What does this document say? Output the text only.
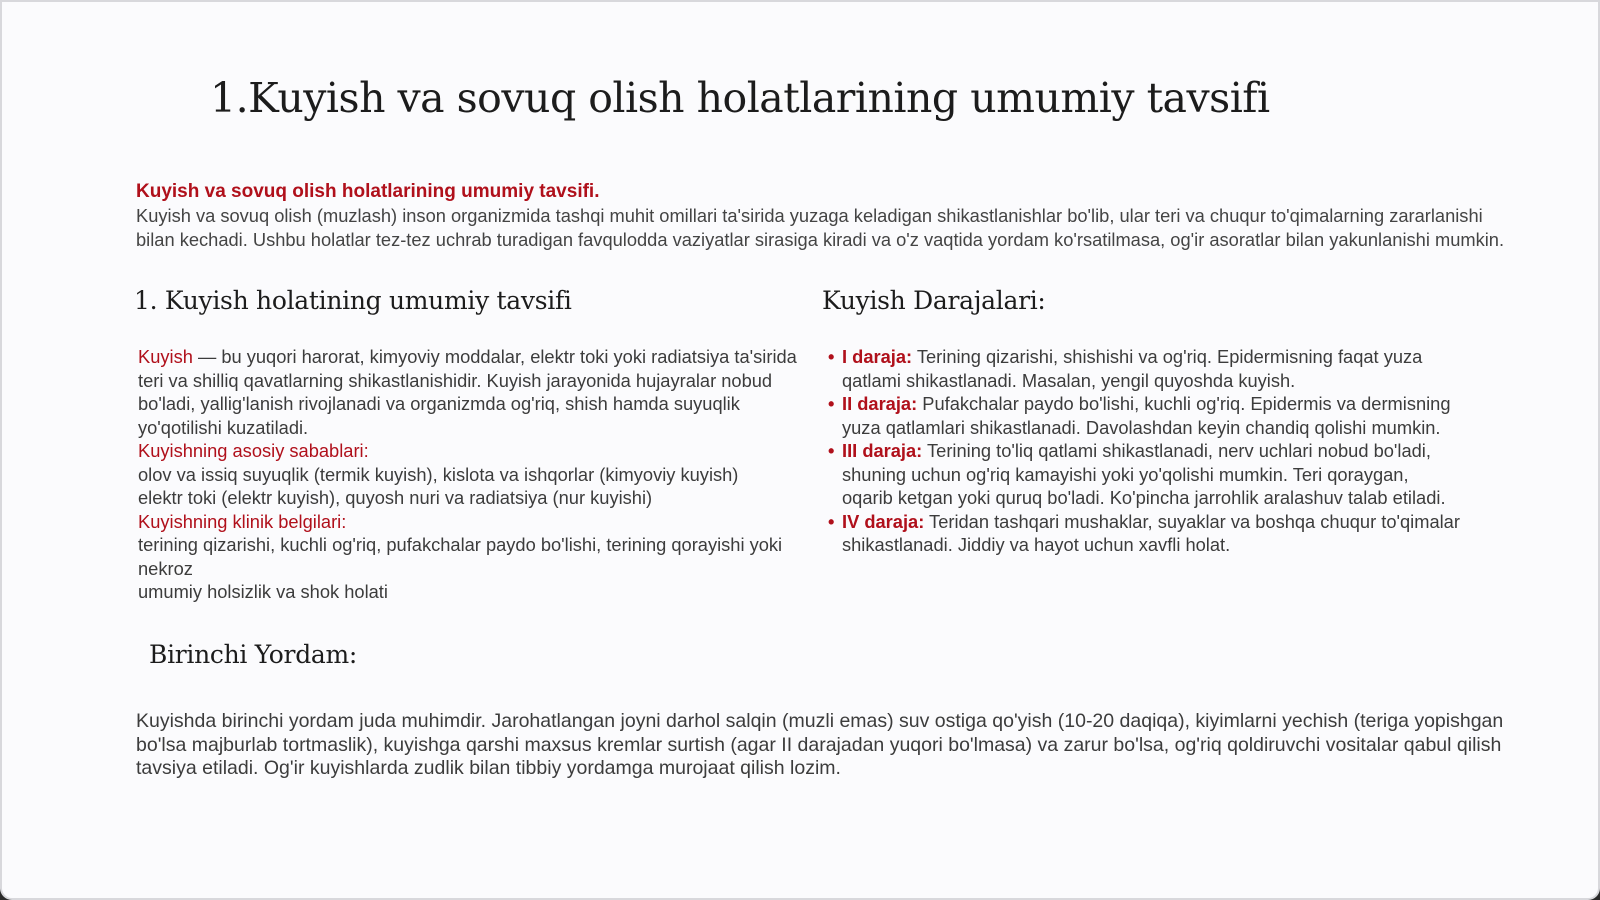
1.Kuyish va sovuq olish holatlarining umumiy tavsifi
Kuyish va sovuq olish holatlarining umumiy tavsifi.
Kuyish va sovuq olish (muzlash) inson organizmida tashqi muhit omillari ta'sirida yuzaga keladigan shikastlanishlar bo'lib, ular teri va chuqur to'qimalarning zararlanishi bilan kechadi. Ushbu holatlar tez-tez uchrab turadigan favqulodda vaziyatlar sirasiga kiradi va o'z vaqtida yordam ko'rsatilmasa, og'ir asoratlar bilan yakunlanishi mumkin.
1. Kuyish holatining umumiy tavsifi
Kuyish — bu yuqori harorat, kimyoviy moddalar, elektr toki yoki radiatsiya ta'sirida teri va shilliq qavatlarning shikastlanishidir. Kuyish jarayonida hujayralar nobud bo'ladi, yallig'lanish rivojlanadi va organizmda og'riq, shish hamda suyuqlik yo'qotilishi kuzatiladi.
Kuyishning asosiy sabablari:
olov va issiq suyuqlik (termik kuyish), kislota va ishqorlar (kimyoviy kuyish)
elektr toki (elektr kuyish), quyosh nuri va radiatsiya (nur kuyishi)
Kuyishning klinik belgilari:
terining qizarishi, kuchli og'riq, pufakchalar paydo bo'lishi, terining qorayishi yoki nekroz
umumiy holsizlik va shok holati
Kuyish Darajalari:
• I daraja: Terining qizarishi, shishishi va og'riq. Epidermisning faqat yuza qatlami shikastlanadi. Masalan, yengil quyoshda kuyish.
• II daraja: Pufakchalar paydo bo'lishi, kuchli og'riq. Epidermis va dermisning yuza qatlamlari shikastlanadi. Davolashdan keyin chandiq qolishi mumkin.
• III daraja: Terining to'liq qatlami shikastlanadi, nerv uchlari nobud bo'ladi, shuning uchun og'riq kamayishi yoki yo'qolishi mumkin. Teri qoraygan, oqarib ketgan yoki quruq bo'ladi. Ko'pincha jarrohlik aralashuv talab etiladi.
• IV daraja: Teridan tashqari mushaklar, suyaklar va boshqa chuqur to'qimalar shikastlanadi. Jiddiy va hayot uchun xavfli holat.
Birinchi Yordam:
Kuyishda birinchi yordam juda muhimdir. Jarohatlangan joyni darhol salqin (muzli emas) suv ostiga qo'yish (10-20 daqiqa), kiyimlarni yechish (teriga yopishgan bo'lsa majburlab tortmaslik), kuyishga qarshi maxsus kremlar surtish (agar II darajadan yuqori bo'lmasa) va zarur bo'lsa, og'riq qoldiruvchi vositalar qabul qilish tavsiya etiladi. Og'ir kuyishlarda zudlik bilan tibbiy yordamga murojaat qilish lozim.
